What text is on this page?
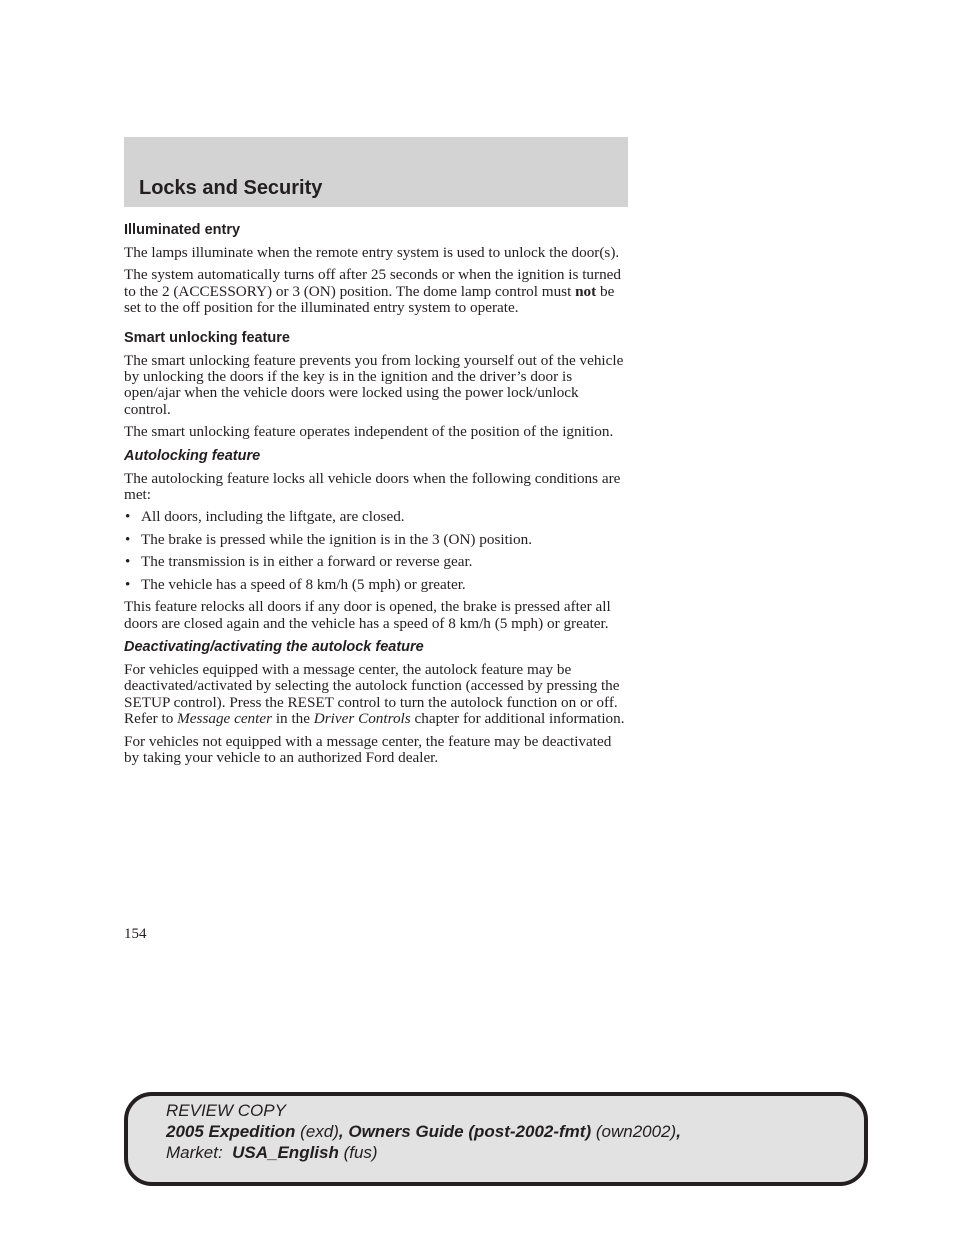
Locks and Security
Illuminated entry

The lamps illuminate when the remote entry system is used to unlock the door(s).

The system automatically turns off after 25 seconds or when the ignition is turned to the 2 (ACCESSORY) or 3 (ON) position. The dome lamp control must not be set to the off position for the illuminated entry system to operate.

Smart unlocking feature

The smart unlocking feature prevents you from locking yourself out of the vehicle by unlocking the doors if the key is in the ignition and the driver’s door is open/ajar when the vehicle doors were locked using the power lock/unlock control.

The smart unlocking feature operates independent of the position of the ignition.

Autolocking feature

The autolocking feature locks all vehicle doors when the following conditions are met:

• All doors, including the liftgate, are closed.
• The brake is pressed while the ignition is in the 3 (ON) position.
• The transmission is in either a forward or reverse gear.
• The vehicle has a speed of 8 km/h (5 mph) or greater.

This feature relocks all doors if any door is opened, the brake is pressed after all doors are closed again and the vehicle has a speed of 8 km/h (5 mph) or greater.

Deactivating/activating the autolock feature

For vehicles equipped with a message center, the autolock feature may be deactivated/activated by selecting the autolock function (accessed by pressing the SETUP control). Press the RESET control to turn the autolock function on or off. Refer to Message center in the Driver Controls chapter for additional information.

For vehicles not equipped with a message center, the feature may be deactivated by taking your vehicle to an authorized Ford dealer.

154

REVIEW COPY
2005 Expedition (exd), Owners Guide (post-2002-fmt) (own2002),
Market:  USA_English (fus)
